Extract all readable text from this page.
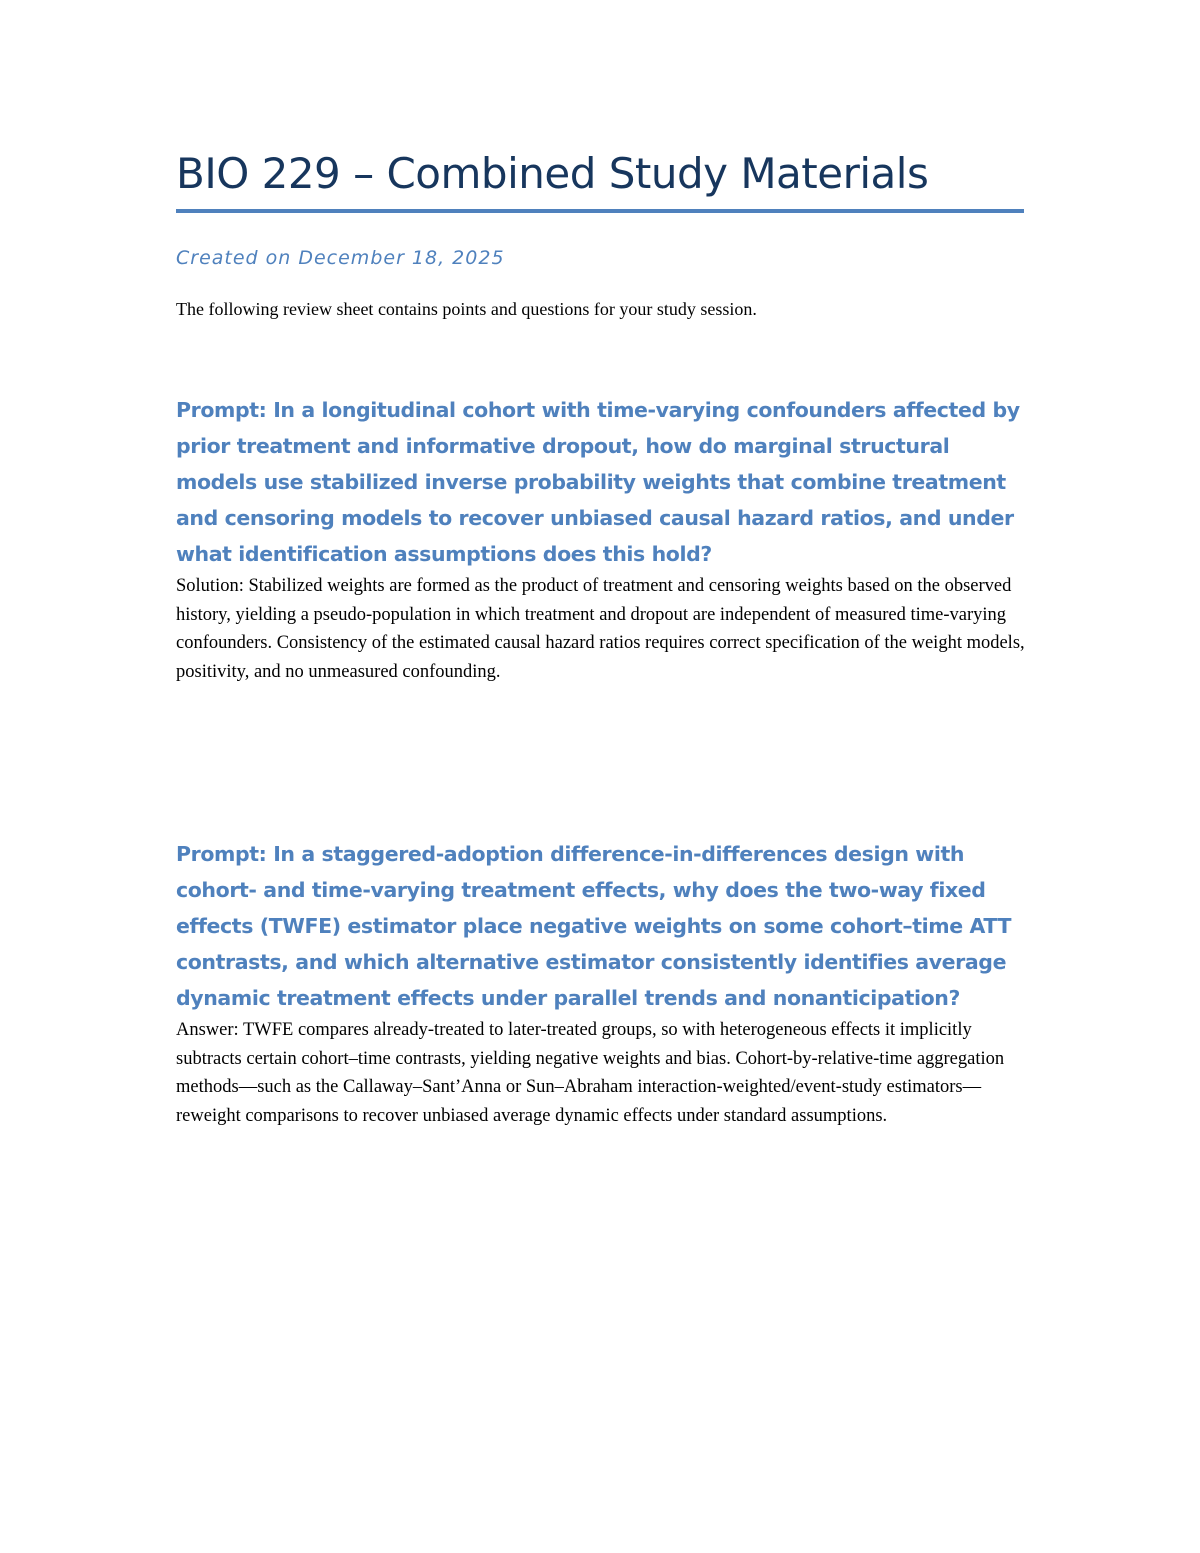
BIO 229 – Combined Study Materials

Created on December 18, 2025

The following review sheet contains points and questions for your study session.

Prompt: In a longitudinal cohort with time-varying confounders affected by prior treatment and informative dropout, how do marginal structural models use stabilized inverse probability weights that combine treatment and censoring models to recover unbiased causal hazard ratios, and under what identification assumptions does this hold?

Solution: Stabilized weights are formed as the product of treatment and censoring weights based on the observed history, yielding a pseudo-population in which treatment and dropout are independent of measured time-varying confounders. Consistency of the estimated causal hazard ratios requires correct specification of the weight models, positivity, and no unmeasured confounding.

Prompt: In a staggered-adoption difference-in-differences design with cohort- and time-varying treatment effects, why does the two-way fixed effects (TWFE) estimator place negative weights on some cohort–time ATT contrasts, and which alternative estimator consistently identifies average dynamic treatment effects under parallel trends and nonanticipation?

Answer: TWFE compares already-treated to later-treated groups, so with heterogeneous effects it implicitly subtracts certain cohort–time contrasts, yielding negative weights and bias. Cohort-by-relative-time aggregation methods—such as the Callaway–Sant’Anna or Sun–Abraham interaction-weighted/event-study estimators—reweight comparisons to recover unbiased average dynamic effects under standard assumptions.
